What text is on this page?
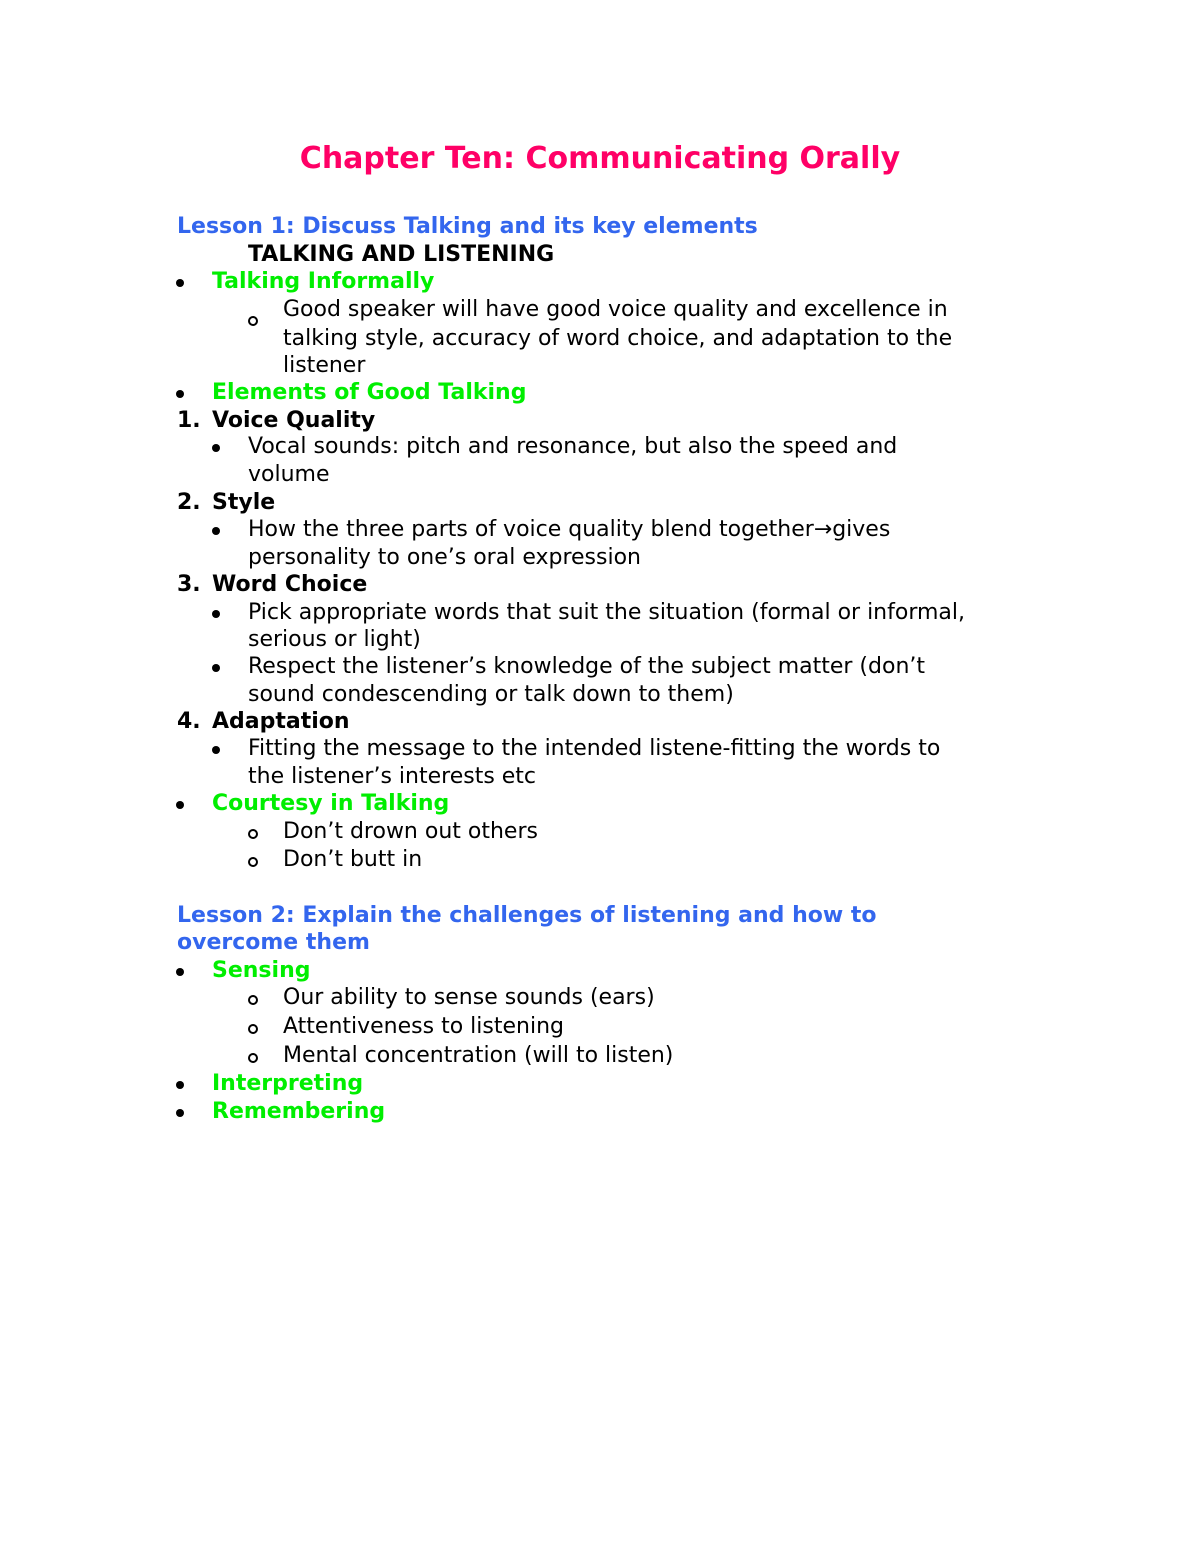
Chapter Ten: Communicating Orally
Lesson 1: Discuss Talking and its key elements
TALKING AND LISTENING
Talking Informally
Good speaker will have good voice quality and excellence in
talking style, accuracy of word choice, and adaptation to the
listener
Elements of Good Talking
1. Voice Quality
Vocal sounds: pitch and resonance, but also the speed and
volume
2. Style
How the three parts of voice quality blend together→gives
personality to one’s oral expression
3. Word Choice
Pick appropriate words that suit the situation (formal or informal,
serious or light)
Respect the listener’s knowledge of the subject matter (don’t
sound condescending or talk down to them)
4. Adaptation
Fitting the message to the intended listene-fitting the words to
the listener’s interests etc
Courtesy in Talking
Don’t drown out others
Don’t butt in
Lesson 2: Explain the challenges of listening and how to
overcome them
Sensing
Our ability to sense sounds (ears)
Attentiveness to listening
Mental concentration (will to listen)
Interpreting
Remembering
